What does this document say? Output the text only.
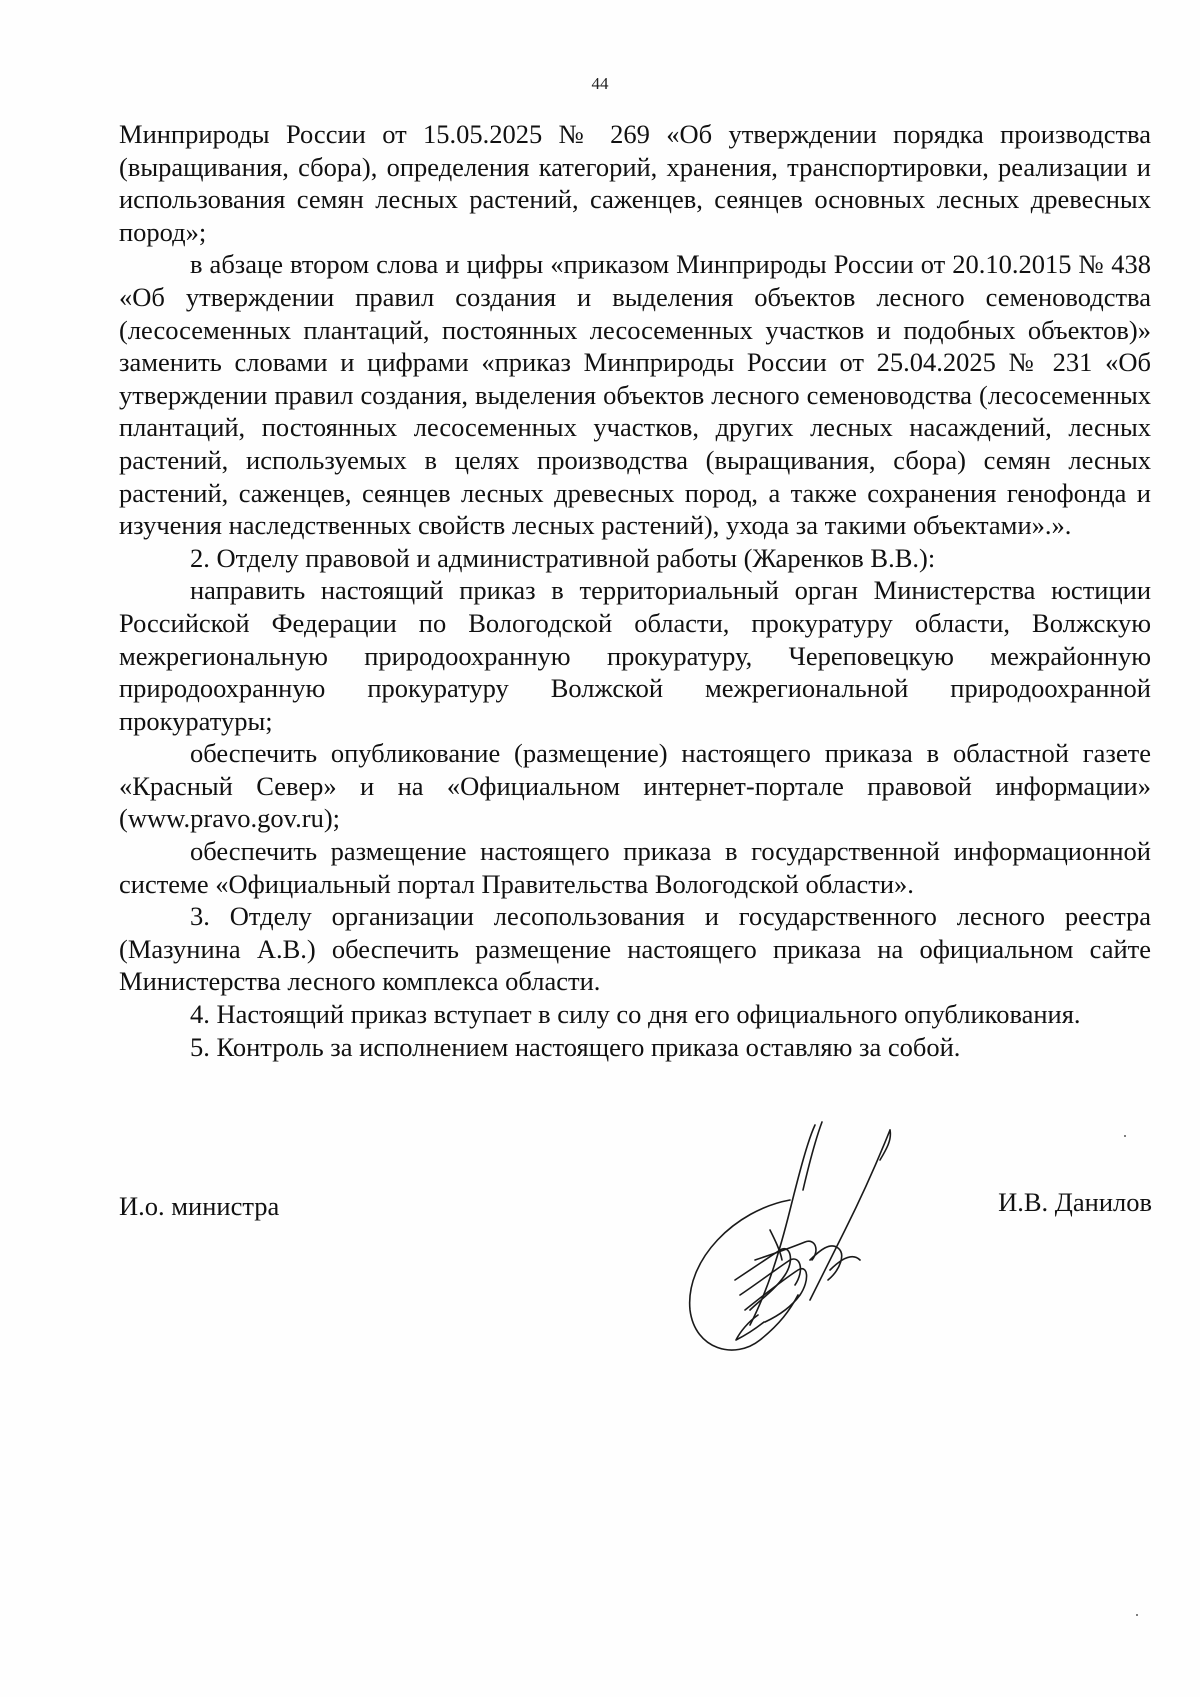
44

Минприроды России от 15.05.2025 № 269 «Об утверждении порядка производства (выращивания, сбора), определения категорий, хранения, транспортировки, реализации и использования семян лесных растений, саженцев, сеянцев основных лесных древесных пород»;

в абзаце втором слова и цифры «приказом Минприроды России от 20.10.2015 № 438 «Об утверждении правил создания и выделения объектов лесного семеноводства (лесосеменных плантаций, постоянных лесосеменных участков и подобных объектов)» заменить словами и цифрами «приказ Минприроды России от 25.04.2025 № 231 «Об утверждении правил создания, выделения объектов лесного семеноводства (лесосеменных плантаций, постоянных лесосеменных участков, других лесных насаждений, лесных растений, используемых в целях производства (выращивания, сбора) семян лесных растений, саженцев, сеянцев лесных древесных пород, а также сохранения генофонда и изучения наследственных свойств лесных растений), ухода за такими объектами».».

2. Отделу правовой и административной работы (Жаренков В.В.):

направить настоящий приказ в территориальный орган Министерства юстиции Российской Федерации по Вологодской области, прокуратуру области, Волжскую межрегиональную природоохранную прокуратуру, Череповецкую межрайонную природоохранную прокуратуру Волжской межрегиональной природоохранной прокуратуры;

обеспечить опубликование (размещение) настоящего приказа в областной газете «Красный Север» и на «Официальном интернет-портале правовой информации» (www.pravo.gov.ru);

обеспечить размещение настоящего приказа в государственной информационной системе «Официальный портал Правительства Вологодской области».

3. Отделу организации лесопользования и государственного лесного реестра (Мазунина А.В.) обеспечить размещение настоящего приказа на официальном сайте Министерства лесного комплекса области.

4. Настоящий приказ вступает в силу со дня его официального опубликования.

5. Контроль за исполнением настоящего приказа оставляю за собой.

И.о. министра	И.В. Данилов
